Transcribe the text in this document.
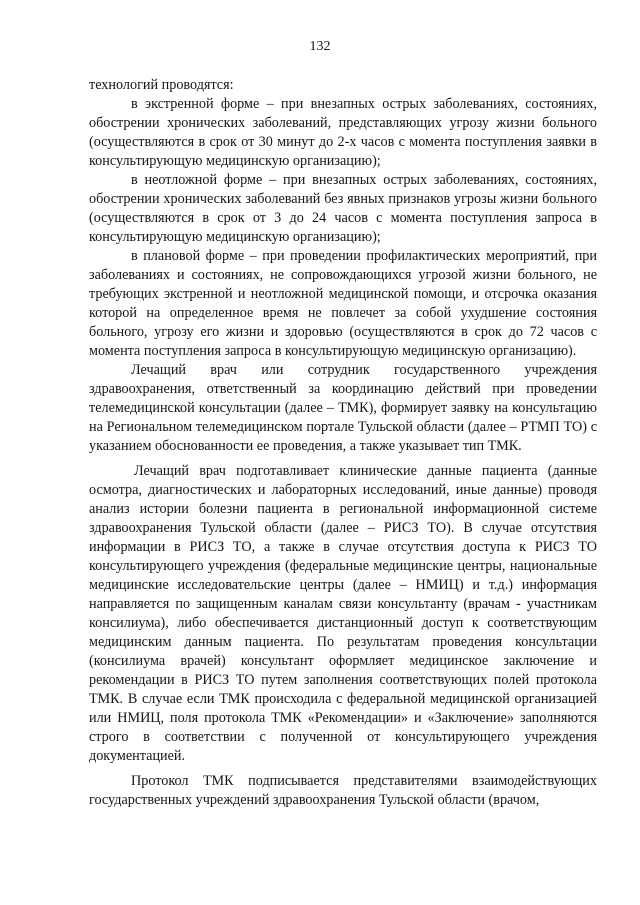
132

технологий проводятся:

в экстренной форме – при внезапных острых заболеваниях, состояниях, обострении хронических заболеваний, представляющих угрозу жизни больного (осуществляются в срок от 30 минут до 2-х часов с момента поступления заявки в консультирующую медицинскую организацию);

в неотложной форме – при внезапных острых заболеваниях, состояниях, обострении хронических заболеваний без явных признаков угрозы жизни больного (осуществляются в срок от 3 до 24 часов с момента поступления запроса в консультирующую медицинскую организацию);

в плановой форме – при проведении профилактических мероприятий, при заболеваниях и состояниях, не сопровождающихся угрозой жизни больного, не требующих экстренной и неотложной медицинской помощи, и отсрочка оказания которой на определенное время не повлечет за собой ухудшение состояния больного, угрозу его жизни и здоровью (осуществляются в срок до 72 часов с момента поступления запроса в консультирующую медицинскую организацию).

Лечащий врач или сотрудник государственного учреждения здравоохранения, ответственный за координацию действий при проведении телемедицинской консультации (далее – ТМК), формирует заявку на консультацию на Региональном телемедицинском портале Тульской области (далее – РТМП ТО) с указанием обоснованности ее проведения, а также указывает тип ТМК.

Лечащий врач подготавливает клинические данные пациента (данные осмотра, диагностических и лабораторных исследований, иные данные) проводя анализ истории болезни пациента в региональной информационной системе здравоохранения Тульской области (далее – РИСЗ ТО). В случае отсутствия информации в РИСЗ ТО, а также в случае отсутствия доступа к РИСЗ ТО консультирующего учреждения (федеральные медицинские центры, национальные медицинские исследовательские центры (далее – НМИЦ) и т.д.) информация направляется по защищенным каналам связи консультанту (врачам - участникам консилиума), либо обеспечивается дистанционный доступ к соответствующим медицинским данным пациента. По результатам проведения консультации (консилиума врачей) консультант оформляет медицинское заключение и рекомендации в РИСЗ ТО путем заполнения соответствующих полей протокола ТМК. В случае если ТМК происходила с федеральной медицинской организацией или НМИЦ, поля протокола ТМК «Рекомендации» и «Заключение» заполняются строго в соответствии с полученной от консультирующего учреждения документацией.

Протокол ТМК подписывается представителями взаимодействующих государственных учреждений здравоохранения Тульской области (врачом,
